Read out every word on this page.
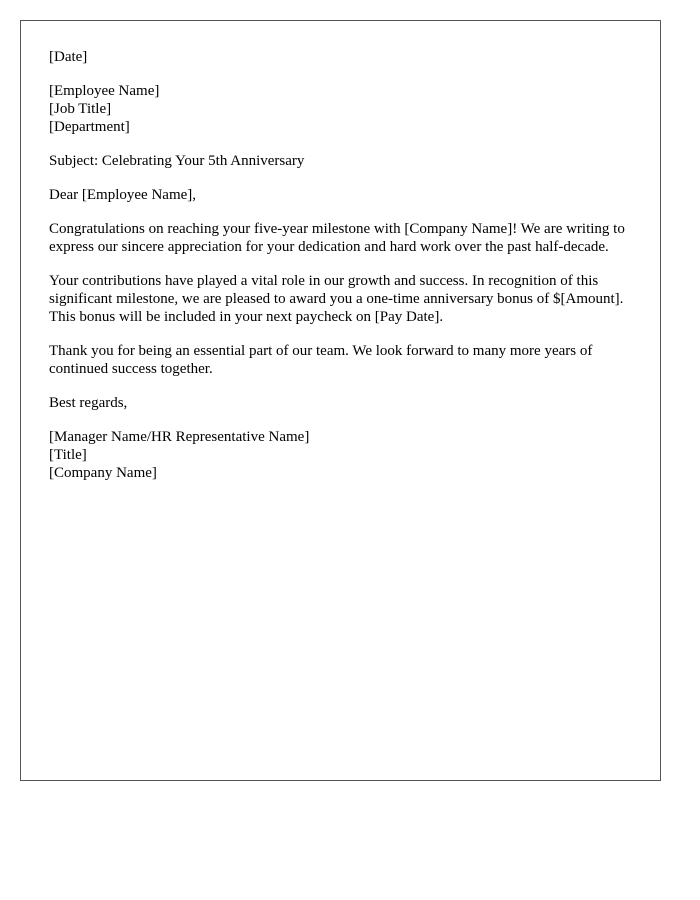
[Date]

[Employee Name]
[Job Title]
[Department]

Subject: Celebrating Your 5th Anniversary

Dear [Employee Name],

Congratulations on reaching your five-year milestone with [Company Name]! We are writing to express our sincere appreciation for your dedication and hard work over the past half-decade.

Your contributions have played a vital role in our growth and success. In recognition of this significant milestone, we are pleased to award you a one-time anniversary bonus of $[Amount]. This bonus will be included in your next paycheck on [Pay Date].

Thank you for being an essential part of our team. We look forward to many more years of continued success together.

Best regards,

[Manager Name/HR Representative Name]
[Title]
[Company Name]
